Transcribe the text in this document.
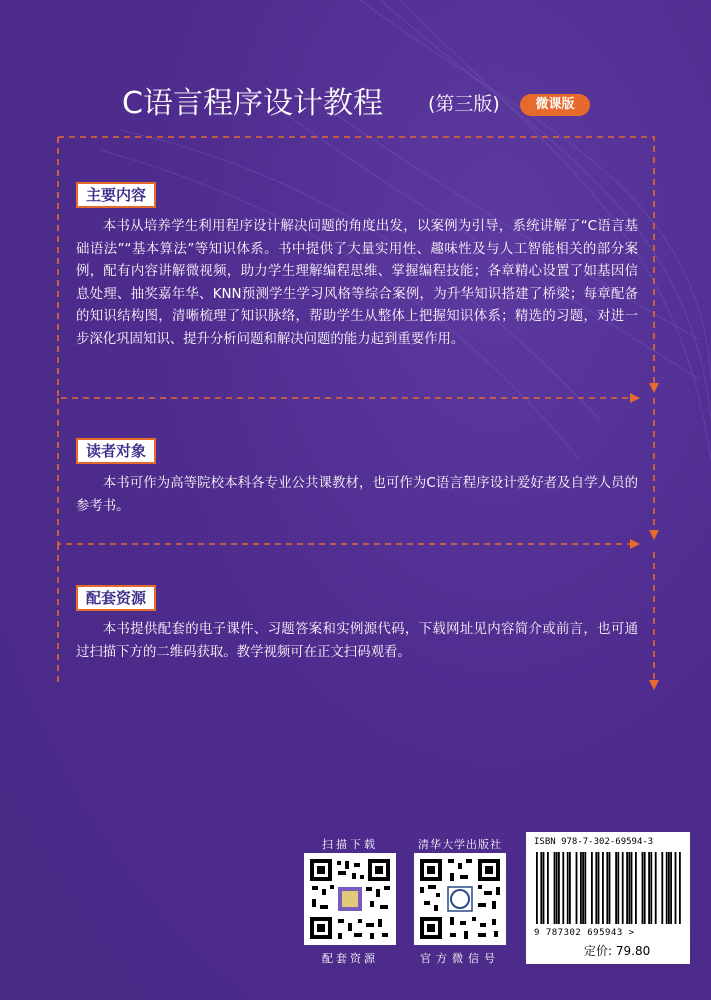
C语言程序设计教程 (第三版)	微课版
主要内容
本书从培养学生利用程序设计解决问题的角度出发，以案例为引导，系统讲解了“C语言基础语法”“基本算法”等知识体系。书中提供了大量实用性、趣味性及与人工智能相关的部分案例，配有内容讲解微视频，助力学生理解编程思维、掌握编程技能；各章精心设置了如基因信息处理、抽奖嘉年华、KNN预测学生学习风格等综合案例，为升华知识搭建了桥梁；每章配备的知识结构图，清晰梳理了知识脉络，帮助学生从整体上把握知识体系；精选的习题，对进一步深化巩固知识、提升分析问题和解决问题的能力起到重要作用。
读者对象
本书可作为高等院校本科各专业公共课教材，也可作为C语言程序设计爱好者及自学人员的参考书。
配套资源
本书提供配套的电子课件、习题答案和实例源代码，下载网址见内容简介或前言，也可通过扫描下方的二维码获取。教学视频可在正文扫码观看。
扫描下载
配套资源
清华大学出版社
官方微信号
ISBN 978-7-302-69594-3
9 787302 695943 >
定价: 79.80
